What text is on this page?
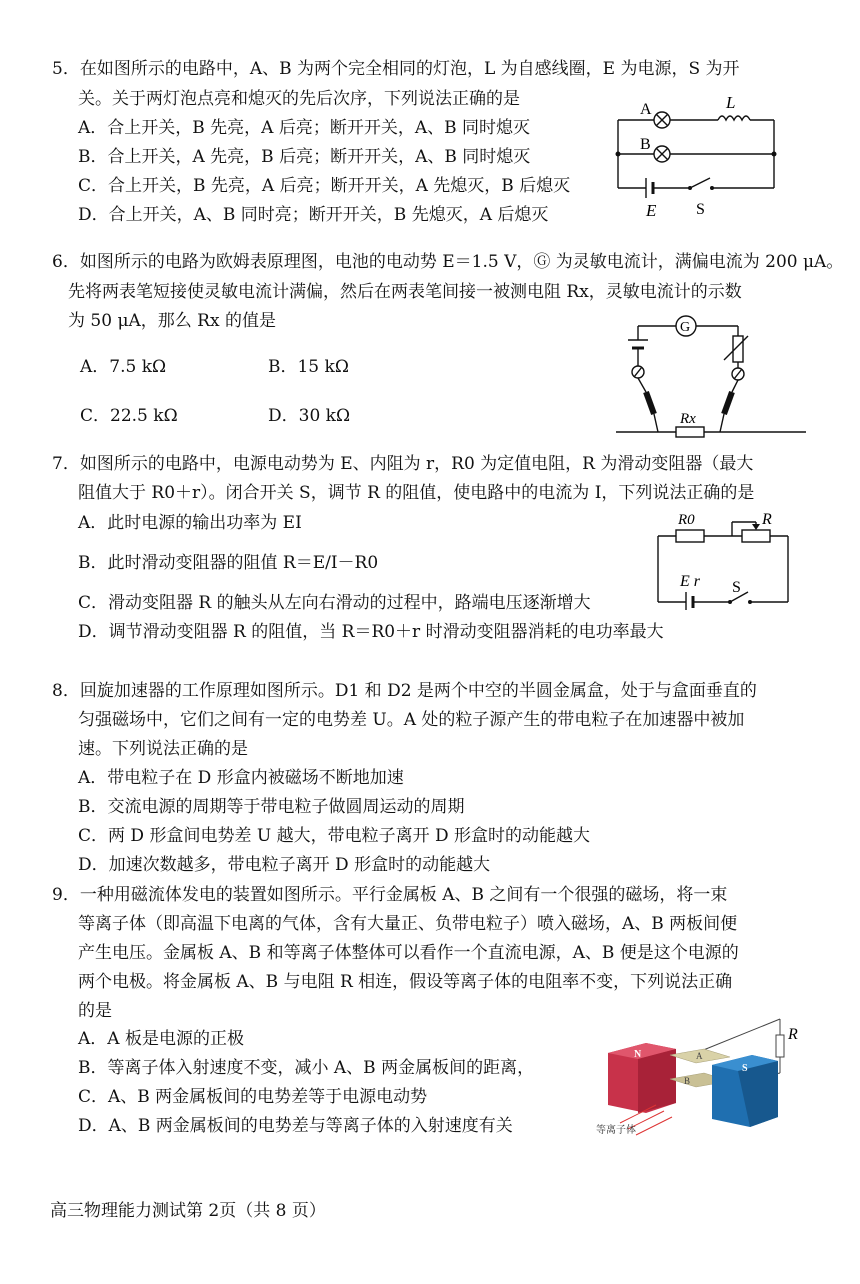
5．在如图所示的电路中，A、B 为两个完全相同的灯泡，L 为自感线圈，E 为电源，S 为开
关。关于两灯泡点亮和熄灭的先后次序，下列说法正确的是
A．合上开关，B 先亮，A 后亮；断开开关，A、B 同时熄灭
B．合上开关，A 先亮，B 后亮；断开开关，A、B 同时熄灭
C．合上开关，B 先亮，A 后亮；断开开关，A 先熄灭，B 后熄灭
D．合上开关，A、B 同时亮；断开开关，B 先熄灭，A 后熄灭
A
B
L
E S
6．如图所示的电路为欧姆表原理图，电池的电动势 E＝1.5 V，Ⓖ 为灵敏电流计，满偏电流为 200 μA。
先将两表笔短接使灵敏电流计满偏，然后在两表笔间接一被测电阻 Rx，灵敏电流计的示数
为 50 μA，那么 Rx 的值是
A．7.5 kΩ	B．15 kΩ
C．22.5 kΩ	D．30 kΩ
G
Rx
7．如图所示的电路中，电源电动势为 E、内阻为 r，R0 为定值电阻，R 为滑动变阻器（最大
阻值大于 R0＋r）。闭合开关 S，调节 R 的阻值，使电路中的电流为 I，下列说法正确的是
A．此时电源的输出功率为 EI
B．此时滑动变阻器的阻值 R＝E/I－R0
C．滑动变阻器 R 的触头从左向右滑动的过程中，路端电压逐渐增大
D．调节滑动变阻器 R 的阻值，当 R＝R0＋r 时滑动变阻器消耗的电功率最大
R0	R
E r S
8．回旋加速器的工作原理如图所示。D1 和 D2 是两个中空的半圆金属盒，处于与盒面垂直的
匀强磁场中，它们之间有一定的电势差 U。A 处的粒子源产生的带电粒子在加速器中被加
速。下列说法正确的是
A．带电粒子在 D 形盒内被磁场不断地加速
B．交流电源的周期等于带电粒子做圆周运动的周期
C．两 D 形盒间电势差 U 越大，带电粒子离开 D 形盒时的动能越大
D．加速次数越多，带电粒子离开 D 形盒时的动能越大
9．一种用磁流体发电的装置如图所示。平行金属板 A、B 之间有一个很强的磁场，将一束
等离子体（即高温下电离的气体，含有大量正、负带电粒子）喷入磁场，A、B 两板间便
产生电压。金属板 A、B 和等离子体整体可以看作一个直流电源，A、B 便是这个电源的
两个电极。将金属板 A、B 与电阻 R 相连，假设等离子体的电阻率不变，下列说法正确
的是
A．A 板是电源的正极
B．等离子体入射速度不变，减小 A、B 两金属板间的距离，
C．A、B 两金属板间的电势差等于电源电动势
D．A、B 两金属板间的电势差与等离子体的入射速度有关
N
S
A
B
R
等离子体
高三物理能力测试第 2页（共 8 页）
